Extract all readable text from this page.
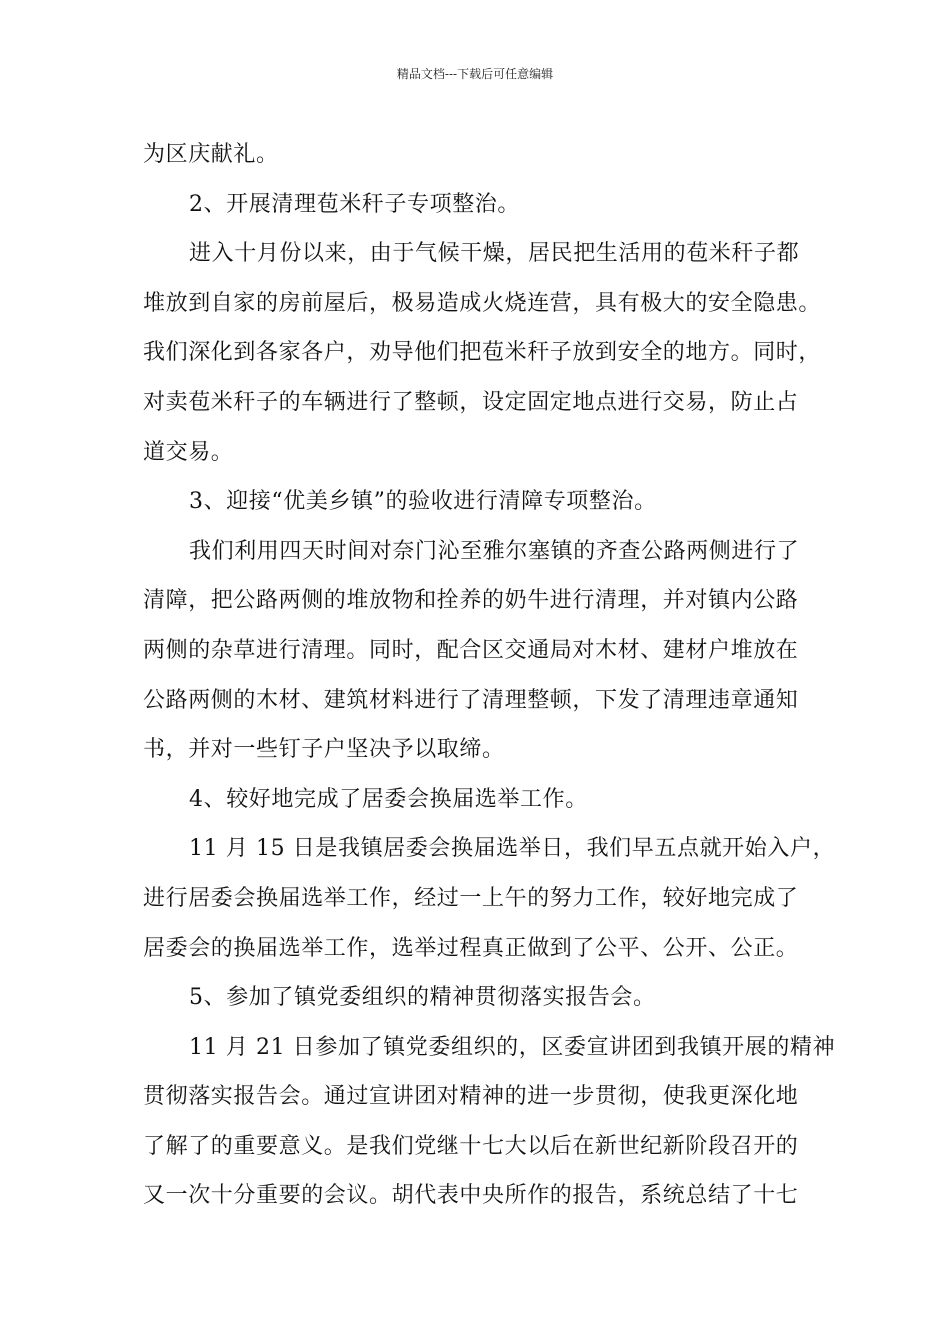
精品文档---下载后可任意编辑
为区庆献礼。
2、开展清理苞米秆子专项整治。
进入十月份以来，由于气候干燥，居民把生活用的苞米秆子都
堆放到自家的房前屋后，极易造成火烧连营，具有极大的安全隐患。
我们深化到各家各户，劝导他们把苞米秆子放到安全的地方。同时，
对卖苞米秆子的车辆进行了整顿，设定固定地点进行交易，防止占
道交易。
3、迎接“优美乡镇”的验收进行清障专项整治。
我们利用四天时间对奈门沁至雅尔塞镇的齐查公路两侧进行了
清障，把公路两侧的堆放物和拴养的奶牛进行清理，并对镇内公路
两侧的杂草进行清理。同时，配合区交通局对木材、建材户堆放在
公路两侧的木材、建筑材料进行了清理整顿，下发了清理违章通知
书，并对一些钉子户坚决予以取缔。
4、较好地完成了居委会换届选举工作。
11 月 15 日是我镇居委会换届选举日，我们早五点就开始入户，
进行居委会换届选举工作，经过一上午的努力工作，较好地完成了
居委会的换届选举工作，选举过程真正做到了公平、公开、公正。
5、参加了镇党委组织的精神贯彻落实报告会。
11 月 21 日参加了镇党委组织的，区委宣讲团到我镇开展的精神
贯彻落实报告会。通过宣讲团对精神的进一步贯彻，使我更深化地
了解了的重要意义。是我们党继十七大以后在新世纪新阶段召开的
又一次十分重要的会议。胡代表中央所作的报告，系统总结了十七
